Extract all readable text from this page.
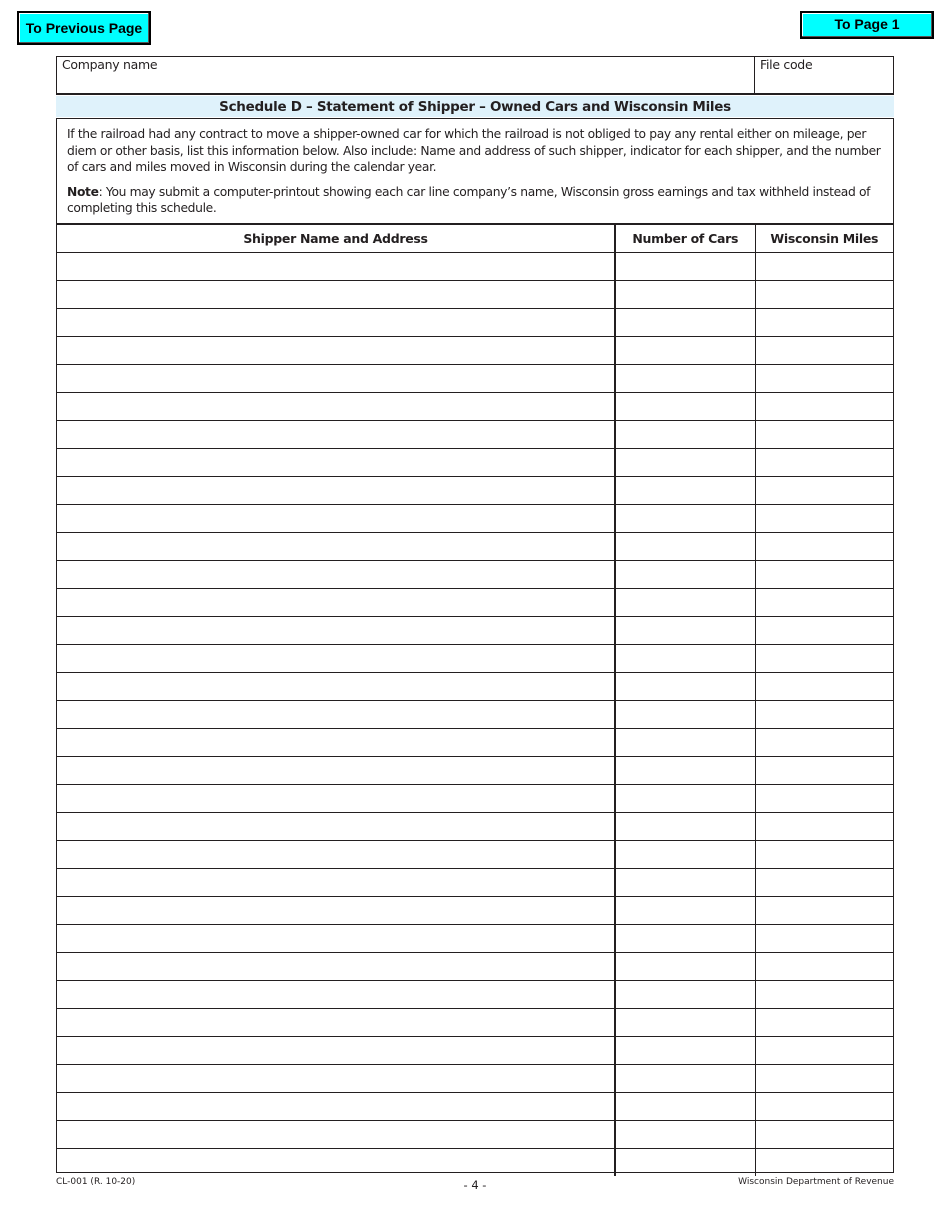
To Previous Page	To Page 1
Company name	File code
Schedule D – Statement of Shipper – Owned Cars and Wisconsin Miles

If the railroad had any contract to move a shipper-owned car for which the railroad is not obliged to pay any rental either on mileage, per diem or other basis, list this information below. Also include: Name and address of such shipper, indicator for each shipper, and the number of cars and miles moved in Wisconsin during the calendar year.

Note: You may submit a computer-printout showing each car line company’s name, Wisconsin gross earnings and tax withheld instead of completing this schedule.

Shipper Name and Address	Number of Cars	Wisconsin Miles

CL-001 (R. 10-20)	- 4 -	Wisconsin Department of Revenue
